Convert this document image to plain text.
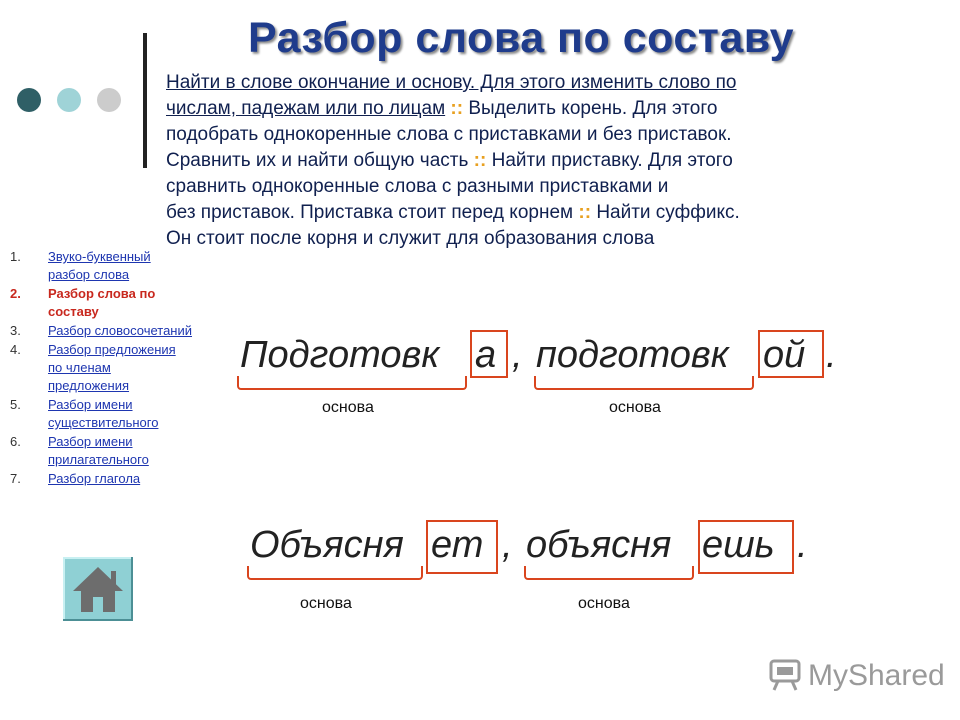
Разбор слова по составу
Найти в слове окончание и основу. Для этого изменить слово по
числам, падежам или по лицам :: Выделить корень. Для этого
подобрать однокоренные слова с приставками и без приставок.
Сравнить их и найти общую часть :: Найти приставку. Для этого
сравнить однокоренные слова с разными приставками и
без приставок. Приставка стоит перед корнем :: Найти суффикс.
Он стоит после корня и служит для образования слова
1.	Звуко-буквенный разбор слова
2.	Разбор слова по составу
3.	Разбор словосочетаний
4.	Разбор предложения по членам предложения
5.	Разбор имени существительного
6.	Разбор имени прилагательного
7.	Разбор глагола
Подготовк а , подготовк ой .
основа	основа
Объясня ет , объясня ешь .
основа	основа
MyShared
